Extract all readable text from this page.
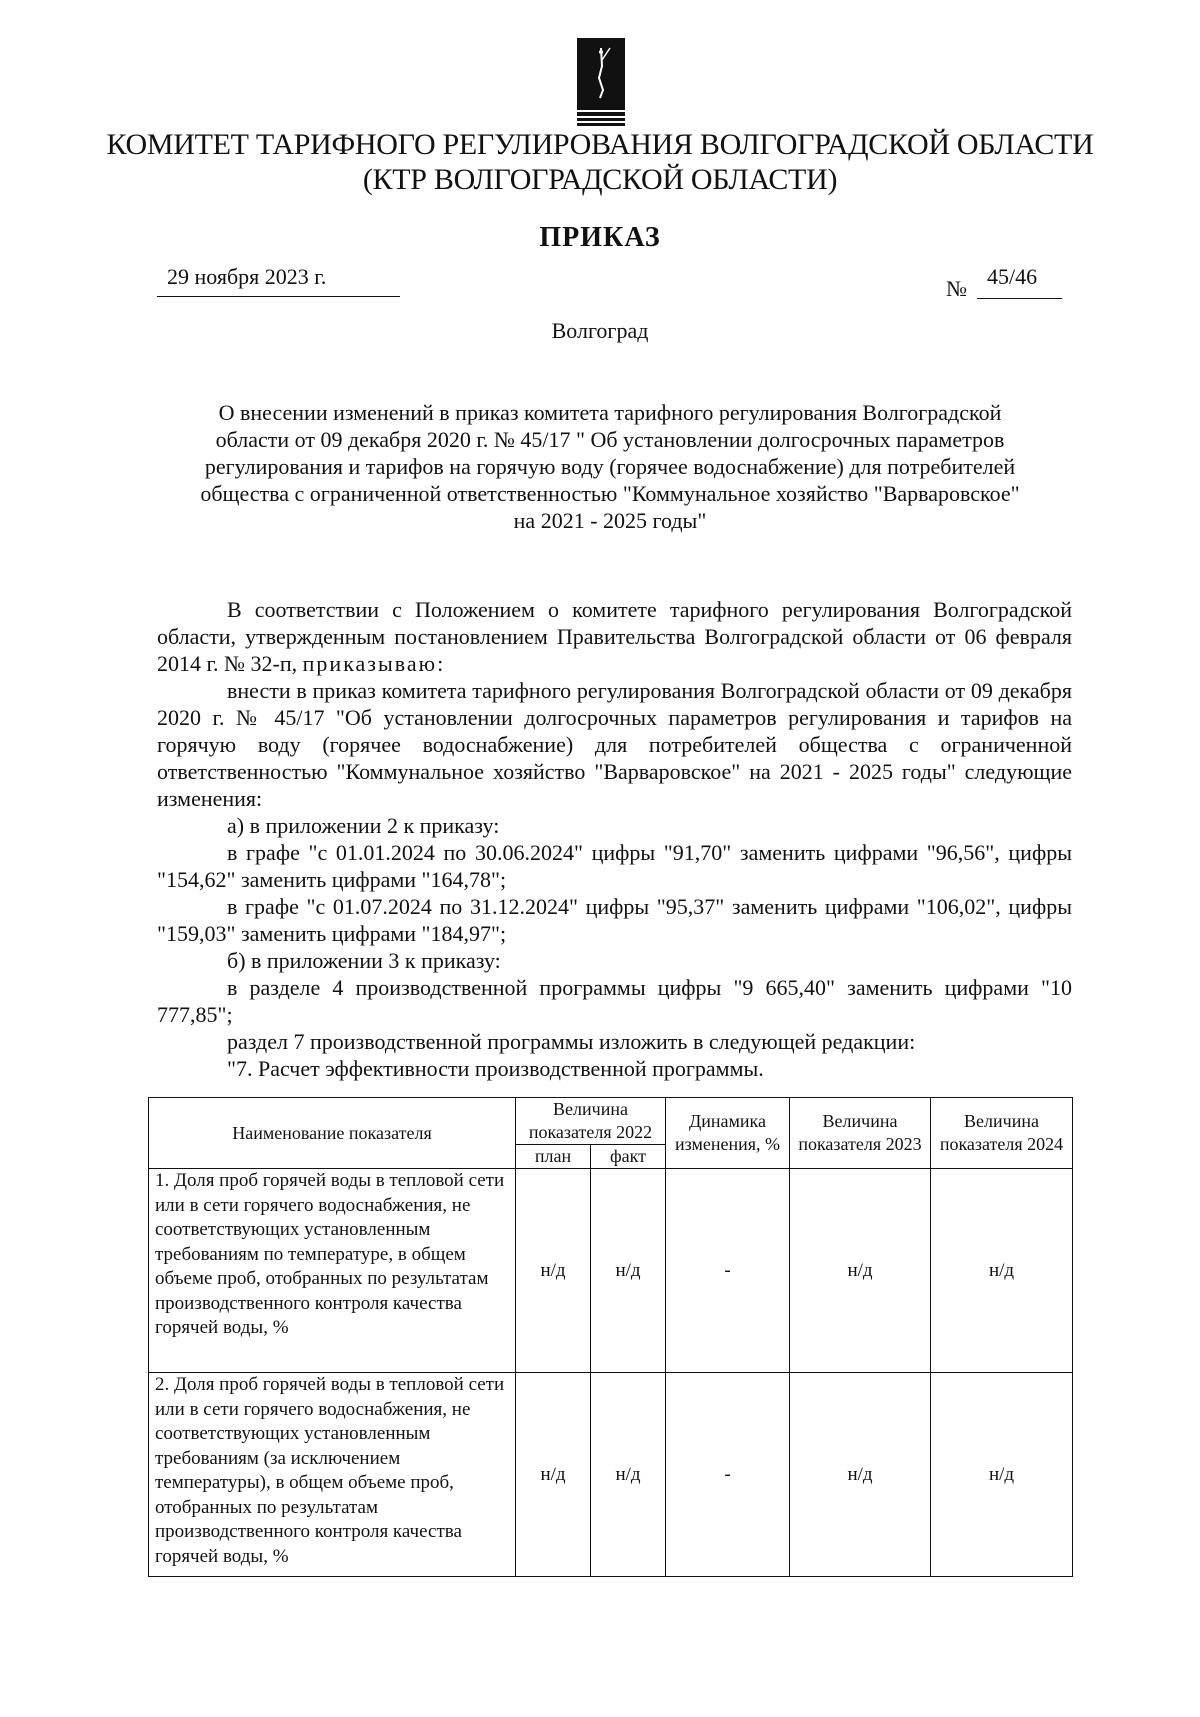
КОМИТЕТ ТАРИФНОГО РЕГУЛИРОВАНИЯ ВОЛГОГРАДСКОЙ ОБЛАСТИ
(КТР ВОЛГОГРАДСКОЙ ОБЛАСТИ)
ПРИКАЗ
29 ноября 2023 г.	№ 45/46
Волгоград
О внесении изменений в приказ комитета тарифного регулирования Волгоградской
области от 09 декабря 2020 г. № 45/17 " Об установлении долгосрочных параметров
регулирования и тарифов на горячую воду (горячее водоснабжение) для потребителей
общества с ограниченной ответственностью "Коммунальное хозяйство "Варваровское"
на 2021 - 2025 годы"

В соответствии с Положением о комитете тарифного регулирования Волгоградской области, утвержденным постановлением Правительства Волгоградской области от 06 февраля 2014 г. № 32-п, приказываю:

внести в приказ комитета тарифного регулирования Волгоградской области от 09 декабря 2020 г. № 45/17 "Об установлении долгосрочных параметров регулирования и тарифов на горячую воду (горячее водоснабжение) для потребителей общества с ограниченной ответственностью "Коммунальное хозяйство "Варваровское" на 2021 - 2025 годы" следующие изменения:

а) в приложении 2 к приказу:

в графе "с 01.01.2024 по 30.06.2024" цифры "91,70" заменить цифрами "96,56", цифры "154,62" заменить цифрами "164,78";

в графе "с 01.07.2024 по 31.12.2024" цифры "95,37" заменить цифрами "106,02", цифры "159,03" заменить цифрами "184,97";

б) в приложении 3 к приказу:

в разделе 4 производственной программы цифры "9 665,40" заменить цифрами "10 777,85";

раздел 7 производственной программы изложить в следующей редакции:

"7. Расчет эффективности производственной программы.

Наименование показателя	Величина показателя 2022		Динамика изменения, %	Величина показателя 2023	Величина показателя 2024
	план	факт			
1. Доля проб горячей воды в тепловой сети или в сети горячего водоснабжения, не соответствующих установленным требованиям по температуре, в общем объеме проб, отобранных по результатам производственного контроля качества горячей воды, %	н/д	н/д	-	н/д	н/д
2. Доля проб горячей воды в тепловой сети или в сети горячего водоснабжения, не соответствующих установленным требованиям (за исключением температуры), в общем объеме проб, отобранных по результатам производственного контроля качества горячей воды, %	н/д	н/д	-	н/д	н/д
